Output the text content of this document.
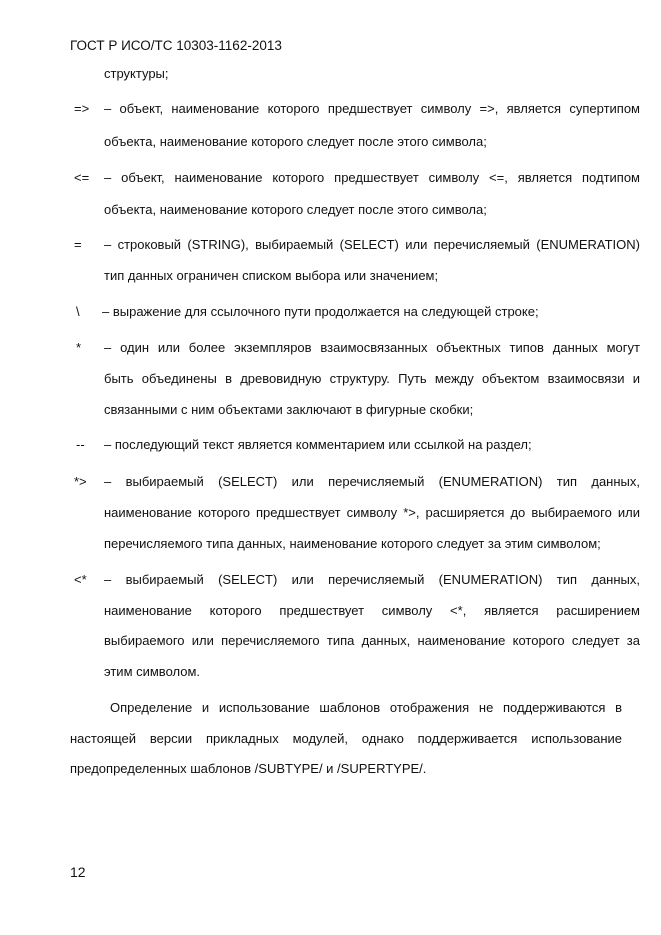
ГОСТ Р ИСО/ТС 10303-1162-2013
структуры;
=>	– объект, наименование которого предшествует символу =>, является супертипом
объекта, наименование которого следует после этого символа;
<=	– объект, наименование которого предшествует символу <=, является подтипом
объекта, наименование которого следует после этого символа;
=	– строковый (STRING), выбираемый (SELECT) или перечисляемый (ENUMERATION)
тип данных ограничен списком выбора или значением;
\	– выражение для ссылочного пути продолжается на следующей строке;
*	– один или более экземпляров взаимосвязанных объектных типов данных могут
быть объединены в древовидную структуру. Путь между объектом взаимосвязи и
связанными с ним объектами заключают в фигурные скобки;
--	– последующий текст является комментарием или ссылкой на раздел;
*>	– выбираемый (SELECT) или перечисляемый (ENUMERATION) тип данных,
наименование которого предшествует символу *>, расширяется до выбираемого или
перечисляемого типа данных, наименование которого следует за этим символом;
<*	– выбираемый (SELECT) или перечисляемый (ENUMERATION) тип данных,
наименование которого предшествует символу <*, является расширением
выбираемого или перечисляемого типа данных, наименование которого следует за
этим символом.
Определение и использование шаблонов отображения не поддерживаются в
настоящей версии прикладных модулей, однако поддерживается использование
предопределенных шаблонов /SUBTYPE/ и /SUPERTYPE/.
12
